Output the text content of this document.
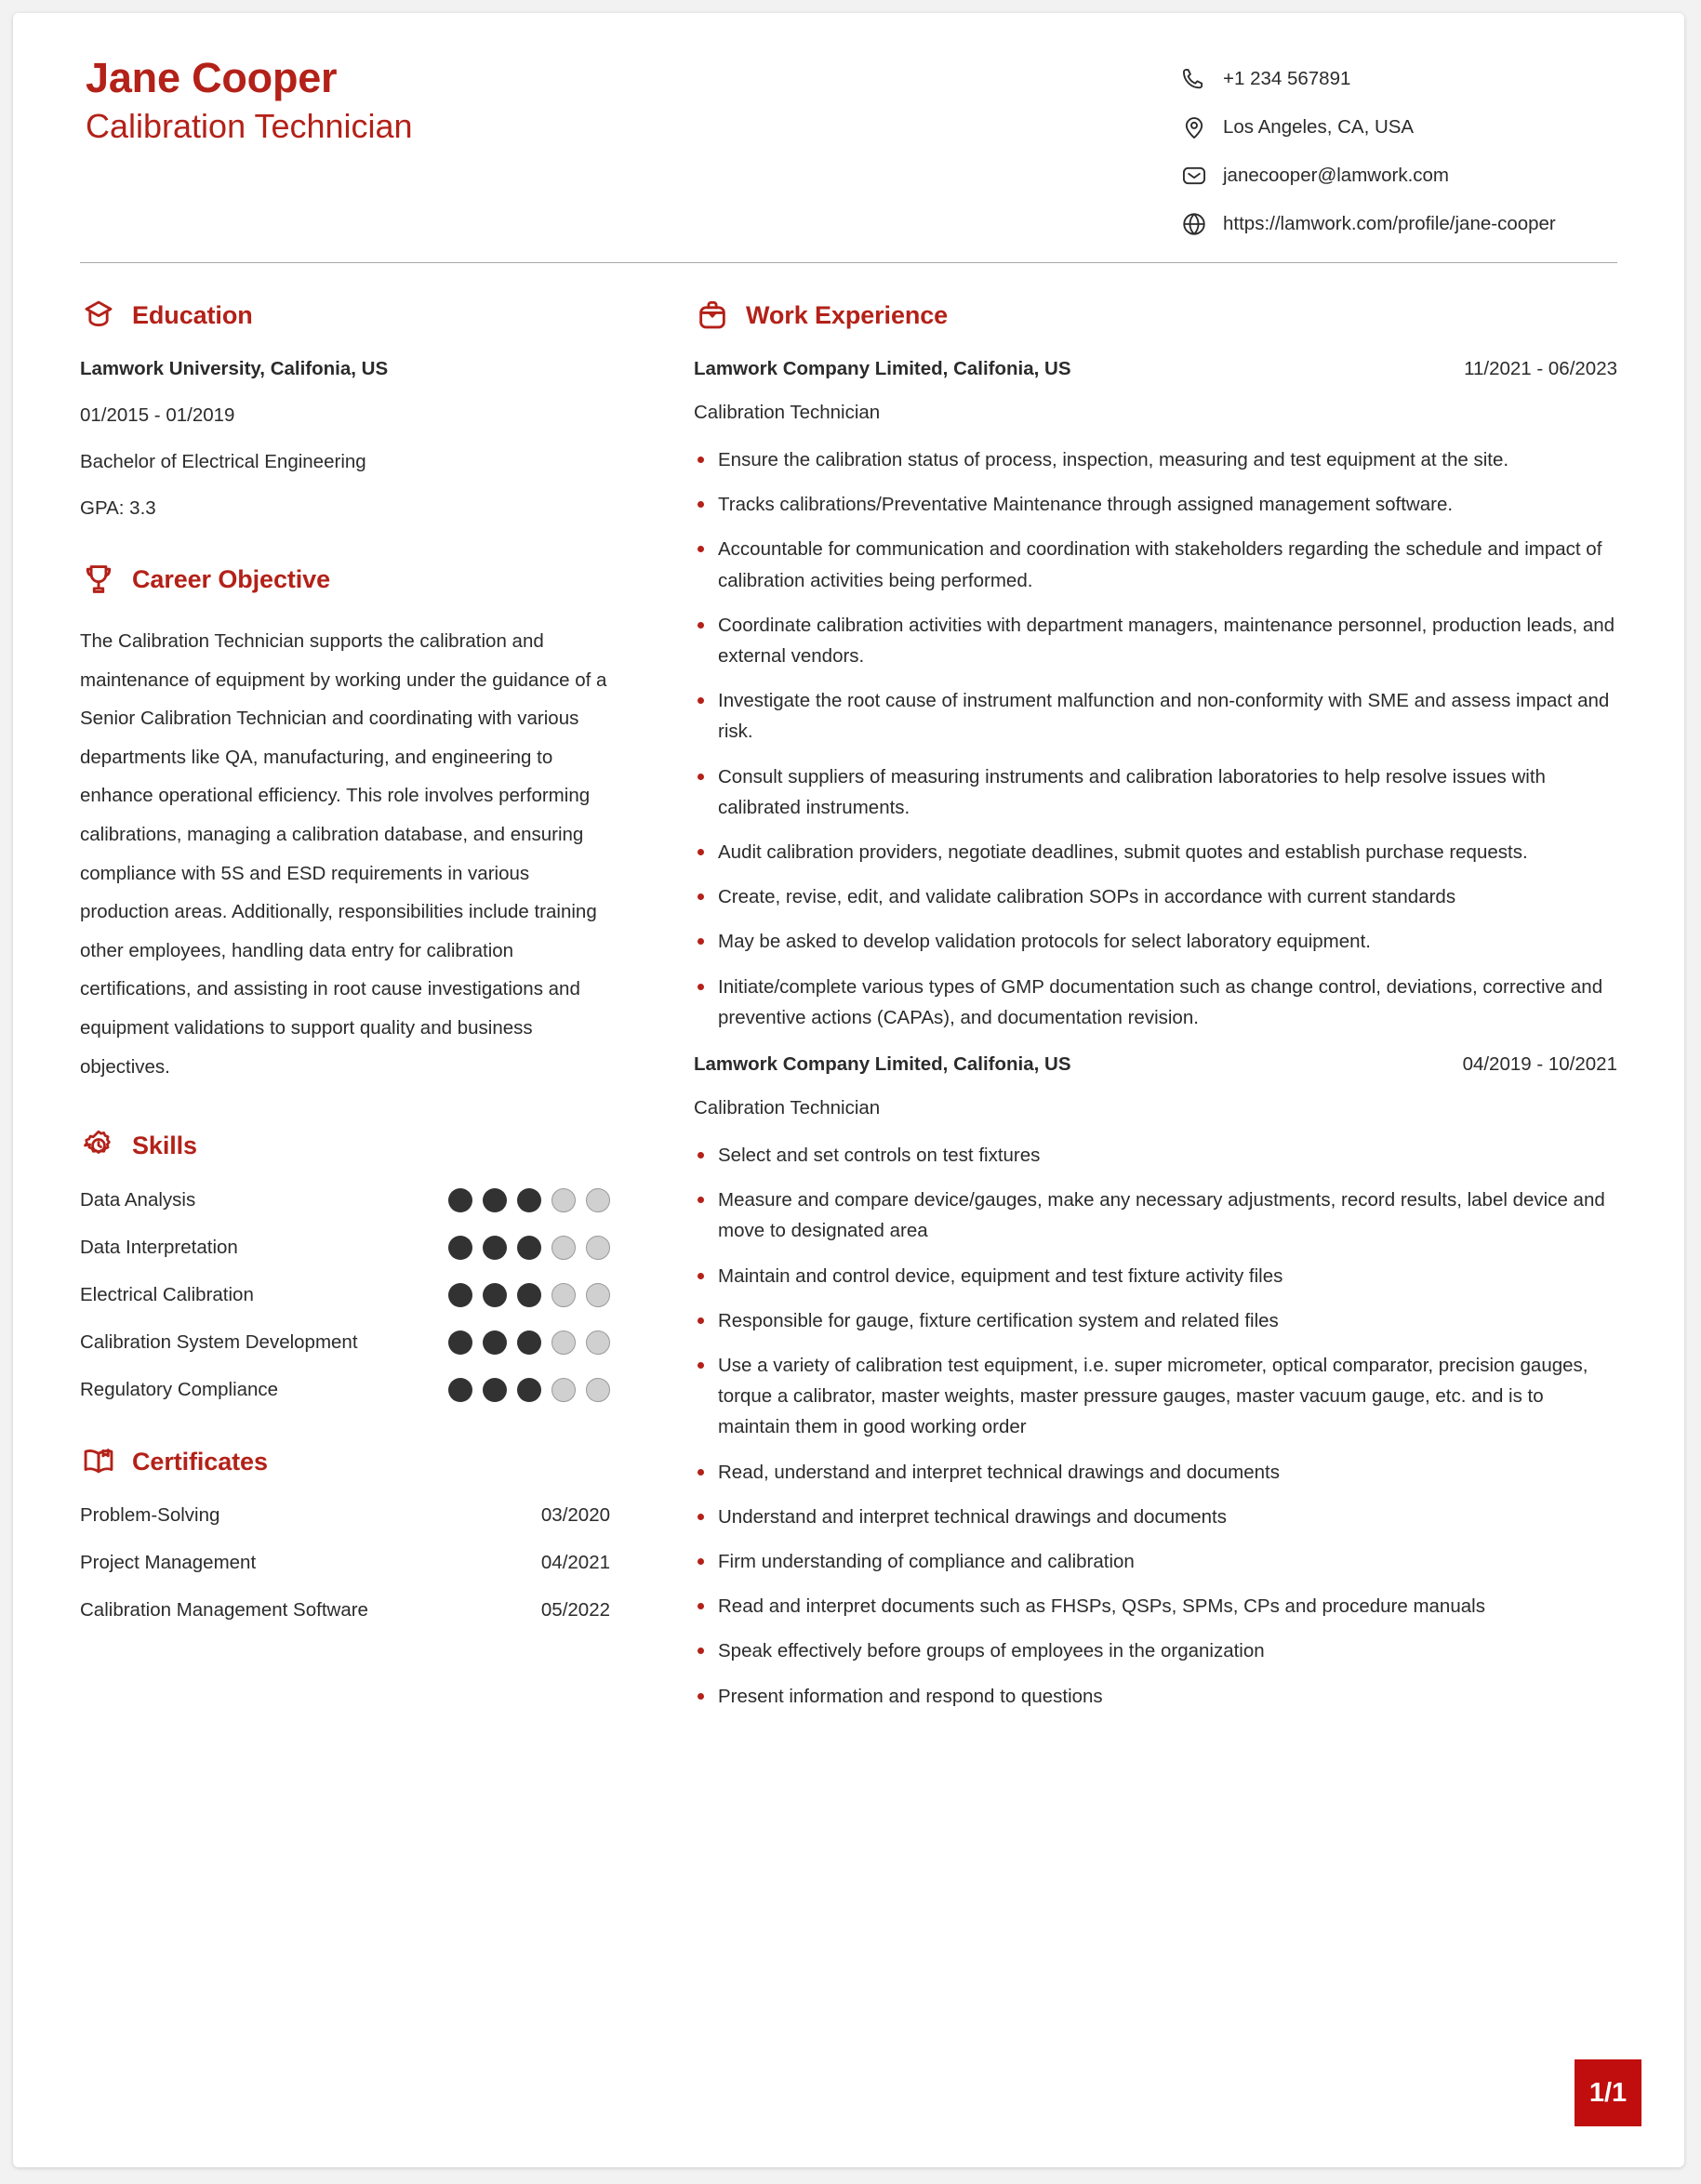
Jane Cooper
Calibration Technician
+1 234 567891
Los Angeles, CA, USA
janecooper@lamwork.com
https://lamwork.com/profile/jane-cooper
Education
Lamwork University, Califonia, US
01/2015 - 01/2019
Bachelor of Electrical Engineering
GPA: 3.3
Career Objective
The Calibration Technician supports the calibration and maintenance of equipment by working under the guidance of a Senior Calibration Technician and coordinating with various departments like QA, manufacturing, and engineering to enhance operational efficiency. This role involves performing calibrations, managing a calibration database, and ensuring compliance with 5S and ESD requirements in various production areas. Additionally, responsibilities include training other employees, handling data entry for calibration certifications, and assisting in root cause investigations and equipment validations to support quality and business objectives.
Skills
Data Analysis
Data Interpretation
Electrical Calibration
Calibration System Development
Regulatory Compliance
Certificates
Problem-Solving	03/2020
Project Management	04/2021
Calibration Management Software	05/2022
Work Experience
Lamwork Company Limited, Califonia, US	11/2021 - 06/2023
Calibration Technician
Ensure the calibration status of process, inspection, measuring and test equipment at the site.
Tracks calibrations/Preventative Maintenance through assigned management software.
Accountable for communication and coordination with stakeholders regarding the schedule and impact of calibration activities being performed.
Coordinate calibration activities with department managers, maintenance personnel, production leads, and external vendors.
Investigate the root cause of instrument malfunction and non-conformity with SME and assess impact and risk.
Consult suppliers of measuring instruments and calibration laboratories to help resolve issues with calibrated instruments.
Audit calibration providers, negotiate deadlines, submit quotes and establish purchase requests.
Create, revise, edit, and validate calibration SOPs in accordance with current standards
May be asked to develop validation protocols for select laboratory equipment.
Initiate/complete various types of GMP documentation such as change control, deviations, corrective and preventive actions (CAPAs), and documentation revision.
Lamwork Company Limited, Califonia, US	04/2019 - 10/2021
Calibration Technician
Select and set controls on test fixtures
Measure and compare device/gauges, make any necessary adjustments, record results, label device and move to designated area
Maintain and control device, equipment and test fixture activity files
Responsible for gauge, fixture certification system and related files
Use a variety of calibration test equipment, i.e. super micrometer, optical comparator, precision gauges, torque a calibrator, master weights, master pressure gauges, master vacuum gauge, etc. and is to maintain them in good working order
Read, understand and interpret technical drawings and documents
Understand and interpret technical drawings and documents
Firm understanding of compliance and calibration
Read and interpret documents such as FHSPs, QSPs, SPMs, CPs and procedure manuals
Speak effectively before groups of employees in the organization
Present information and respond to questions
1/1
